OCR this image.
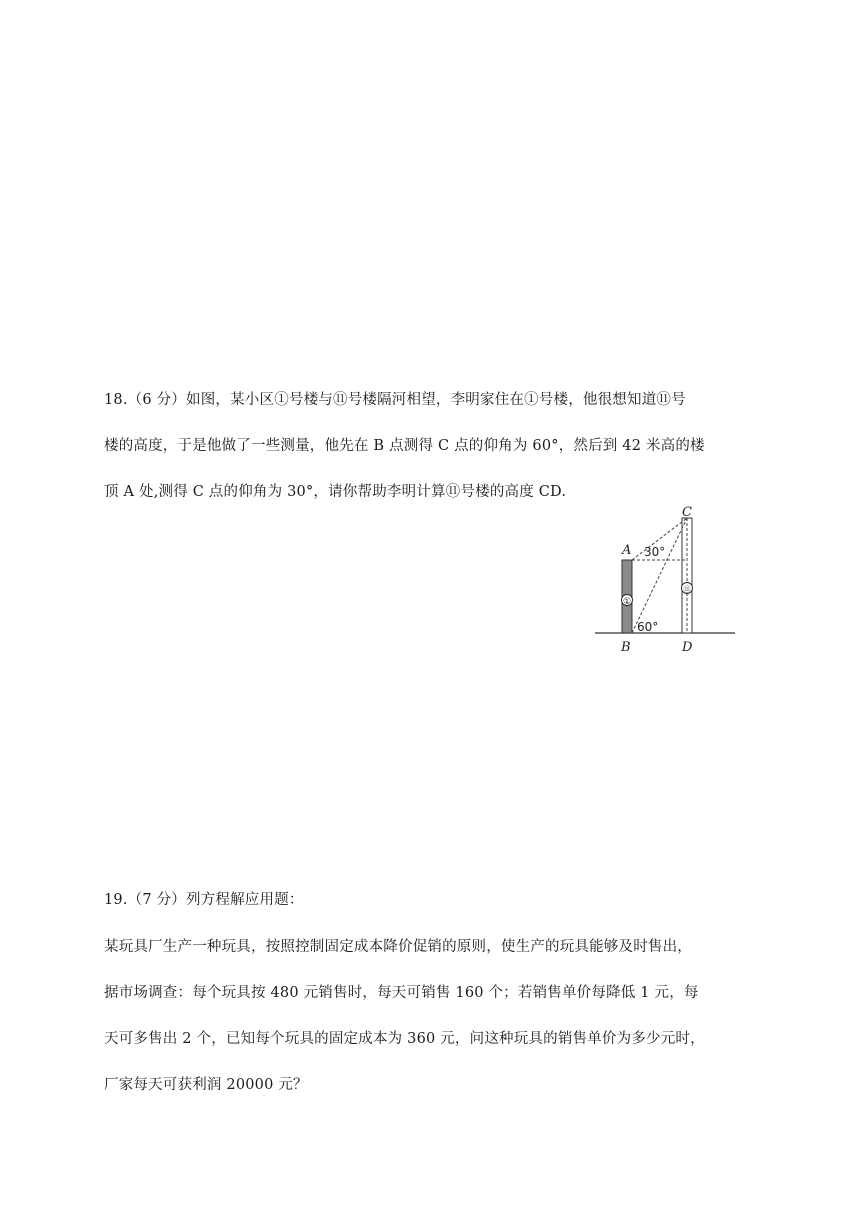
18.（6 分）如图，某小区①号楼与⑪号楼隔河相望，李明家住在①号楼，他很想知道⑪号
楼的高度，于是他做了一些测量，他先在 B 点测得 C 点的仰角为 60°，然后到 42 米高的楼
顶 A 处,测得 C 点的仰角为 30°，请你帮助李明计算⑪号楼的高度 CD.
①
⑪
C
A
B	D
30°
60°
19.（7 分）列方程解应用题：
某玩具厂生产一种玩具，按照控制固定成本降价促销的原则，使生产的玩具能够及时售出，
据市场调查：每个玩具按 480 元销售时，每天可销售 160 个；若销售单价每降低 1 元，每
天可多售出 2 个，已知每个玩具的固定成本为 360 元，问这种玩具的销售单价为多少元时，
厂家每天可获利润 20000 元？
